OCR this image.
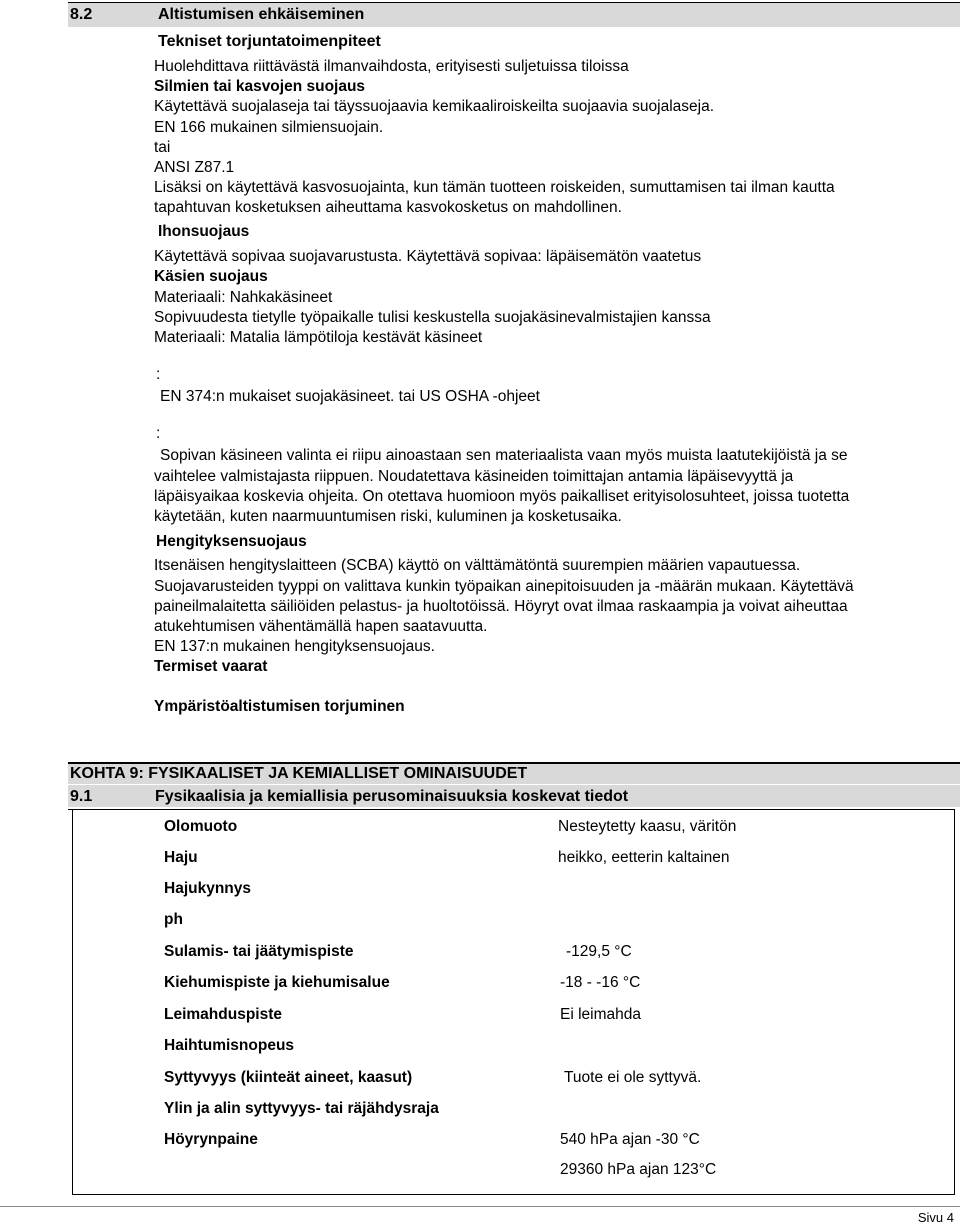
8.2	Altistumisen ehkäiseminen
Tekniset torjuntatoimenpiteet
Huolehdittava riittävästä ilmanvaihdosta, erityisesti suljetuissa tiloissa
Silmien tai kasvojen suojaus
Käytettävä suojalaseja tai täyssuojaavia kemikaaliroiskeilta suojaavia suojalaseja.
EN 166 mukainen silmiensuojain.
tai
ANSI Z87.1
Lisäksi on käytettävä kasvosuojainta, kun tämän tuotteen roiskeiden, sumuttamisen tai ilman kautta
tapahtuvan kosketuksen aiheuttama kasvokosketus on mahdollinen.
Ihonsuojaus
Käytettävä sopivaa suojavarustusta. Käytettävä sopivaa: läpäisemätön vaatetus
Käsien suojaus
Materiaali: Nahkakäsineet
Sopivuudesta tietylle työpaikalle tulisi keskustella suojakäsinevalmistajien kanssa
Materiaali: Matalia lämpötiloja kestävät käsineet
:
EN 374:n mukaiset suojakäsineet. tai US OSHA -ohjeet
:
Sopivan käsineen valinta ei riipu ainoastaan sen materiaalista vaan myös muista laatutekijöistä ja se
vaihtelee valmistajasta riippuen. Noudatettava käsineiden toimittajan antamia läpäisevyyttä ja
läpäisyaikaa koskevia ohjeita. On otettava huomioon myös paikalliset erityisolosuhteet, joissa tuotetta
käytetään, kuten naarmuuntumisen riski, kuluminen ja kosketusaika.
Hengityksensuojaus
Itsenäisen hengityslaitteen (SCBA) käyttö on välttämätöntä suurempien määrien vapautuessa.
Suojavarusteiden tyyppi on valittava kunkin työpaikan ainepitoisuuden ja -määrän mukaan. Käytettävä
paineilmalaitetta säiliöiden pelastus- ja huoltotöissä. Höyryt ovat ilmaa raskaampia ja voivat aiheuttaa
atukehtumisen vähentämällä hapen saatavuutta.
EN 137:n mukainen hengityksensuojaus.
Termiset vaarat
Ympäristöaltistumisen torjuminen
KOHTA 9: FYSIKAALISET JA KEMIALLISET OMINAISUUDET
9.1	Fysikaalisia ja kemiallisia perusominaisuuksia koskevat tiedot
Olomuoto	Nesteytetty kaasu, väritön
Haju	heikko, eetterin kaltainen
Hajukynnys
ph
Sulamis- tai jäätymispiste	-129,5 °C
Kiehumispiste ja kiehumisalue	-18 - -16 °C
Leimahduspiste	Ei leimahda
Haihtumisnopeus
Syttyvyys (kiinteät aineet, kaasut)	Tuote ei ole syttyvä.
Ylin ja alin syttyvyys- tai räjähdysraja
Höyrynpaine	540 hPa ajan -30 °C
29360 hPa ajan 123°C
Sivu 4
